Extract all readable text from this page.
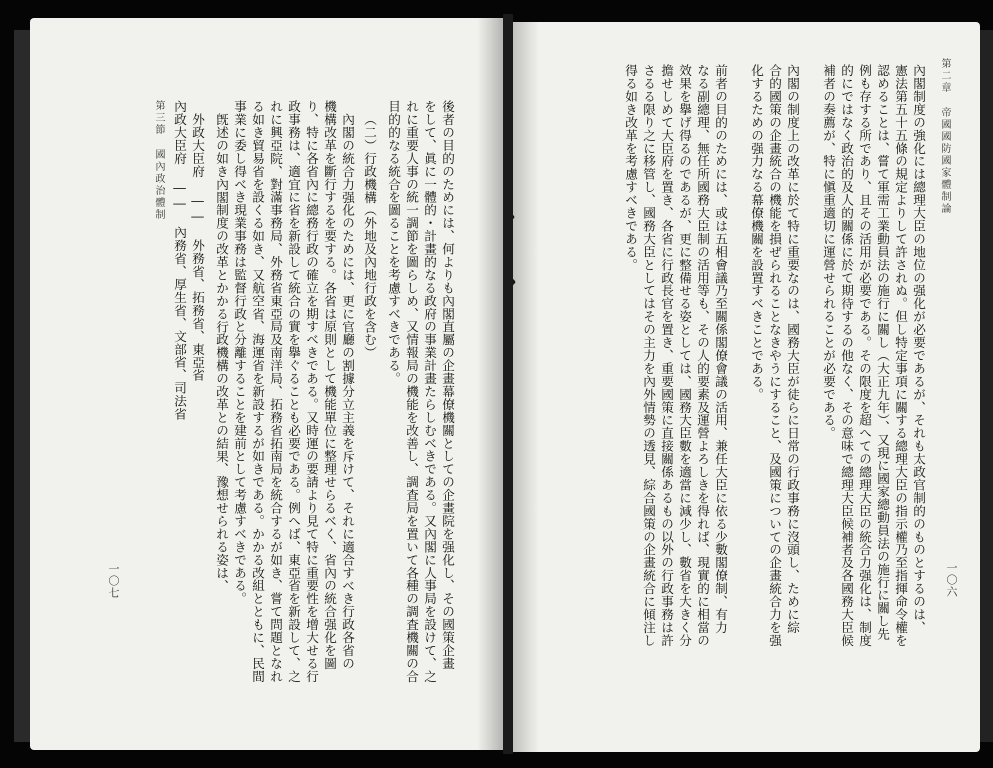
一〇七	後者の目的のためには、何よりも內閣直屬の企畫幕僚機關としての企畫院を强化し、その國策企畫
をして、眞に一體的・計畫的なる政府の事業計畫たらしむべきである。又內閣に人事局を設けて、之
れに重要人事の統一調節を圖らしめ、又情報局の機能を改善し、調査局を置いて各種の調査機關の合
目的的なる統合を圖ることを考慮すべきである。
（二）行政機構（外地及內地行政を含む）
內閣の統合力强化のためには、更に官廳の割據分立主義を斥けて、それに適合すべき行政各省の
機構改革を斷行するを要する。各省は原則として機能單位に整理せらるべく、省內の統合强化を圖
り、特に各省內に總務行政の確立を期すべきである。又時運の要請より見て特に重要性を增大せる行
政事務は、適宜に省を新設して統合の實を擧ぐることも必要である。例へば、東亞省を新設して、之
れに興亞院、對滿事務局、外務省東亞局及南洋局、拓務省拓南局を統合するが如き、嘗て問題となれ
る如き貿易省を設くる如き、又航空省、海運省を新設するが如きである。かかる改組とともに、民間
事業に委し得べき現業事務は監督行政と分離することを建前として考慮すべきである。
旣述の如き內閣制度の改革とかかる行政機構の改革との結果、豫想せられる姿は、
外政大臣府 ―― 外務省、拓務省、東亞省
內政大臣府 ―― 內務省、厚生省、文部省、司法省
第三節 國內政治體制	第二章 帝國國防國家體制論
一〇六
內閣制度の強化には總理大臣の地位の强化が必要であるが、それも太政官制的のものとするのは、
憲法第五十五條の規定よりして許されぬ。但し特定事項に關する總理大臣の指示權乃至指揮命令權を
認めることは、嘗て軍需工業動員法の施行に關し（大正九年）、又現に國家總動員法の施行に關し先
例も存する所であり、且その活用が必要である。その限度を超へての總理大臣の統合力强化は、制度
的にではなく政治的及人的關係に於て期待するの他なく、その意味で總理大臣候補者及各國務大臣候
補者の奏薦が、特に愼重適切に運營せられることが必要である。
內閣の制度上の改革に於て特に重要なのは、國務大臣が徒らに日常の行政事務に沒頭し、ために綜
合的國策の企畫統合の機能を損ぜられることなきやうにすること、及國策についての企畫統合力を强
化するための强力なる幕僚機關を設置すべきことである。
前者の目的のためには、或は五相會議乃至關係閣僚會議の活用、兼任大臣に依る少數閣僚制、有力
なる副總理、無任所國務大臣制の活用等も、その人的要素及運營よろしきを得れば、現實的に相當の
效果を擧げ得るのであるが、更に整備せる姿としては、國務大臣數を適當に減少し、數省を大きく分
擔せしめて大臣府を置き、各省に行政長官を置き、重要國策に直接關係あるもの以外の行政事務は許
さるる限り之に移管し、國務大臣としてはその主力を內外情勢の透見、綜合國策の企畫統合に傾注し
得る如き改革を考慮すべきである。
